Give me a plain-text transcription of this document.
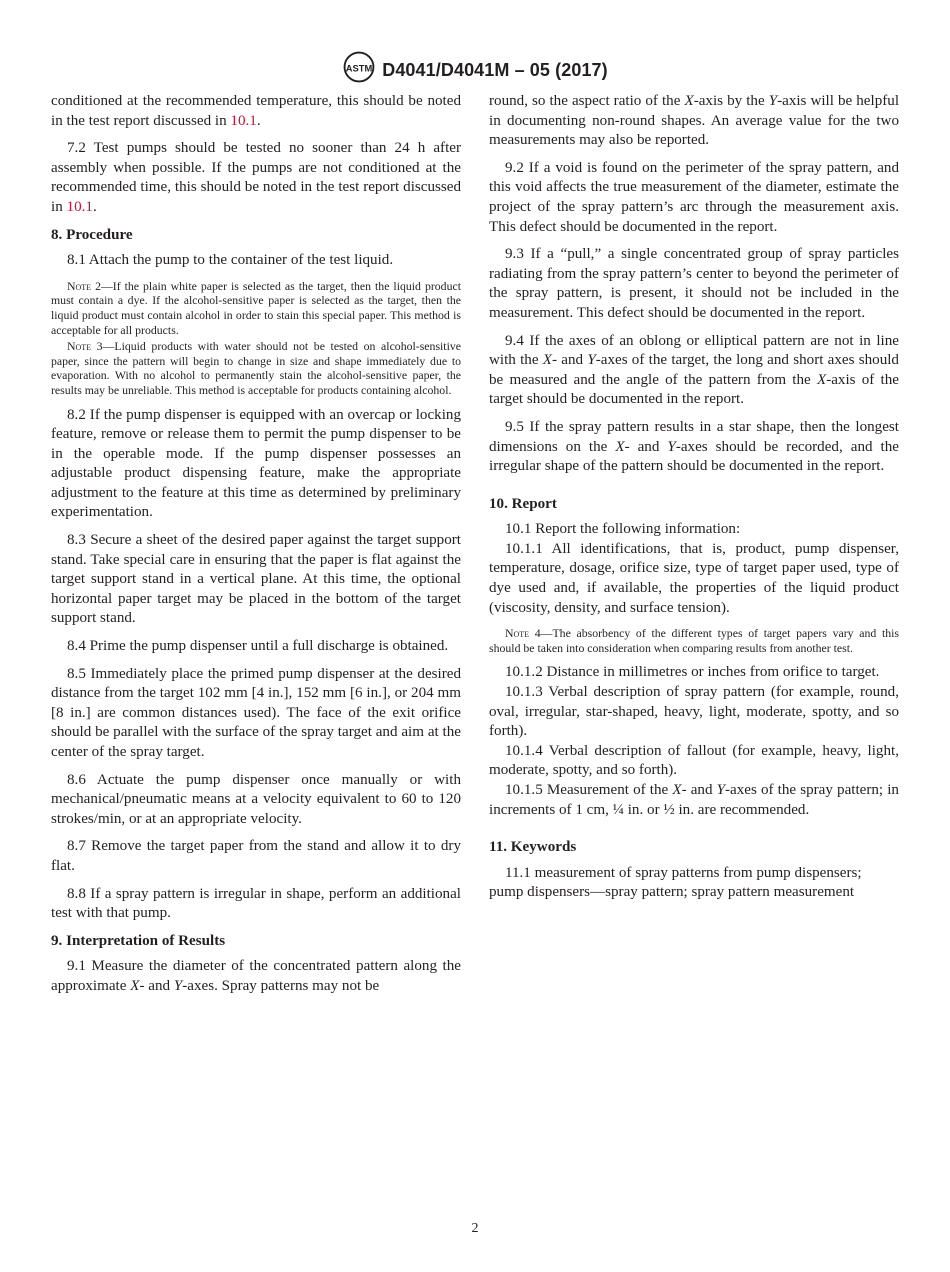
ASTM D4041/D4041M – 05 (2017)

conditioned at the recommended temperature, this should be noted in the test report discussed in 10.1.

7.2 Test pumps should be tested no sooner than 24 h after assembly when possible. If the pumps are not conditioned at the recommended time, this should be noted in the test report discussed in 10.1.

8. Procedure

8.1 Attach the pump to the container of the test liquid.

Note 2—If the plain white paper is selected as the target, then the liquid product must contain a dye. If the alcohol-sensitive paper is selected as the target, then the liquid product must contain alcohol in order to stain this special paper. This method is acceptable for all products.
Note 3—Liquid products with water should not be tested on alcohol-sensitive paper, since the pattern will begin to change in size and shape immediately due to evaporation. With no alcohol to permanently stain the alcohol-sensitive paper, the results may be unreliable. This method is acceptable for products containing alcohol.

8.2 If the pump dispenser is equipped with an overcap or locking feature, remove or release them to permit the pump dispenser to be in the operable mode. If the pump dispenser possesses an adjustable product dispensing feature, make the appropriate adjustment to the feature at this time as determined by preliminary experimentation.

8.3 Secure a sheet of the desired paper against the target support stand. Take special care in ensuring that the paper is flat against the target support stand in a vertical plane. At this time, the optional horizontal paper target may be placed in the bottom of the target support stand.

8.4 Prime the pump dispenser until a full discharge is obtained.

8.5 Immediately place the primed pump dispenser at the desired distance from the target 102 mm [4 in.], 152 mm [6 in.], or 204 mm [8 in.] are common distances used). The face of the exit orifice should be parallel with the surface of the spray target and aim at the center of the spray target.

8.6 Actuate the pump dispenser once manually or with mechanical/pneumatic means at a velocity equivalent to 60 to 120 strokes/min, or at an appropriate velocity.

8.7 Remove the target paper from the stand and allow it to dry flat.

8.8 If a spray pattern is irregular in shape, perform an additional test with that pump.

9. Interpretation of Results

9.1 Measure the diameter of the concentrated pattern along the approximate X- and Y-axes. Spray patterns may not be

round, so the aspect ratio of the X-axis by the Y-axis will be helpful in documenting non-round shapes. An average value for the two measurements may also be reported.

9.2 If a void is found on the perimeter of the spray pattern, and this void affects the true measurement of the diameter, estimate the project of the spray pattern’s arc through the measurement axis. This defect should be documented in the report.

9.3 If a “pull,” a single concentrated group of spray particles radiating from the spray pattern’s center to beyond the perimeter of the spray pattern, is present, it should not be included in the measurement. This defect should be documented in the report.

9.4 If the axes of an oblong or elliptical pattern are not in line with the X- and Y-axes of the target, the long and short axes should be measured and the angle of the pattern from the X-axis of the target should be documented in the report.

9.5 If the spray pattern results in a star shape, then the longest dimensions on the X- and Y-axes should be recorded, and the irregular shape of the pattern should be documented in the report.

10. Report

10.1 Report the following information:

10.1.1 All identifications, that is, product, pump dispenser, temperature, dosage, orifice size, type of target paper used, type of dye used and, if available, the properties of the liquid product (viscosity, density, and surface tension).

Note 4—The absorbency of the different types of target papers vary and this should be taken into consideration when comparing results from another test.

10.1.2 Distance in millimetres or inches from orifice to target.

10.1.3 Verbal description of spray pattern (for example, round, oval, irregular, star-shaped, heavy, light, moderate, spotty, and so forth).

10.1.4 Verbal description of fallout (for example, heavy, light, moderate, spotty, and so forth).

10.1.5 Measurement of the X- and Y-axes of the spray pattern; in increments of 1 cm, ¼ in. or ½ in. are recommended.

11. Keywords

11.1 measurement of spray patterns from pump dispensers; pump dispensers—spray pattern; spray pattern measurement

2
